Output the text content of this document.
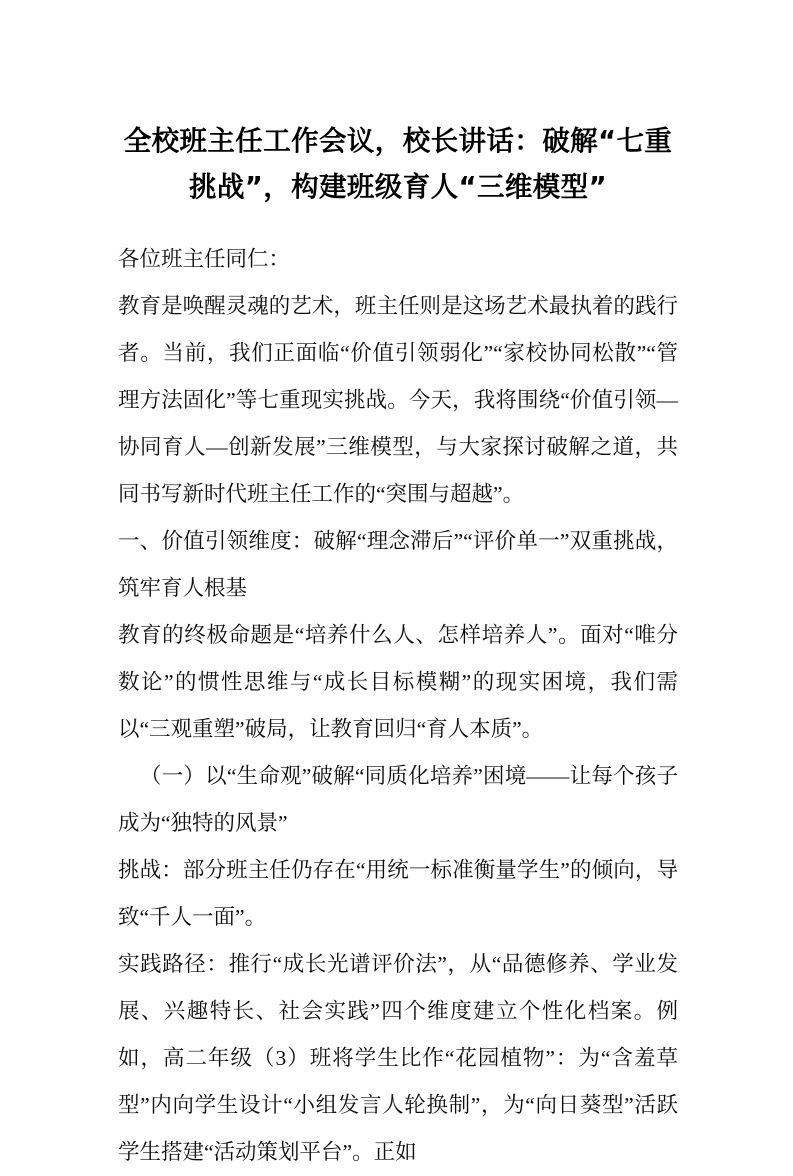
全校班主任工作会议，校长讲话：破解“七重挑战”，构建班级育人“三维模型”

各位班主任同仁：

教育是唤醒灵魂的艺术，班主任则是这场艺术最执着的践行者。当前，我们正面临“价值引领弱化”“家校协同松散”“管理方法固化”等七重现实挑战。今天，我将围绕“价值引领—协同育人—创新发展”三维模型，与大家探讨破解之道，共同书写新时代班主任工作的“突围与超越”。

一、价值引领维度：破解“理念滞后”“评价单一”双重挑战，筑牢育人根基

教育的终极命题是“培养什么人、怎样培养人”。面对“唯分数论”的惯性思维与“成长目标模糊”的现实困境，我们需以“三观重塑”破局，让教育回归“育人本质”。

（一）以“生命观”破解“同质化培养”困境——让每个孩子成为“独特的风景”

挑战：部分班主任仍存在“用统一标准衡量学生”的倾向，导致“千人一面”。

实践路径：推行“成长光谱评价法”，从“品德修养、学业发展、兴趣特长、社会实践”四个维度建立个性化档案。例如，高二年级（3）班将学生比作“花园植物”：为“含羞草型”内向学生设计“小组发言人轮换制”，为“向日葵型”活跃学生搭建“活动策划平台”。正如
